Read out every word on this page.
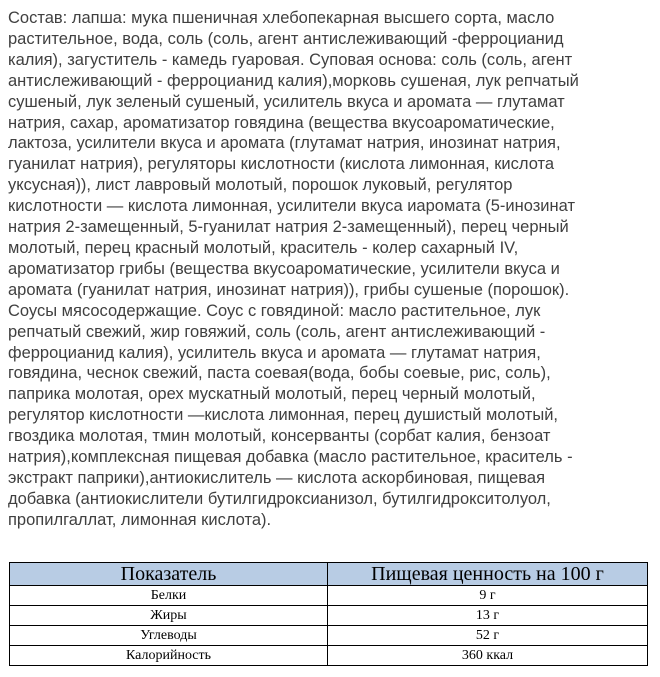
Состав: лапша: мука пшеничная хлебопекарная высшего сорта, масло
растительное, вода, соль (соль, агент антислеживающий -ферроцианид
калия), загуститель - камедь гуаровая. Суповая основа: соль (соль, агент
антислеживающий - ферроцианид калия),морковь сушеная, лук репчатый
сушеный, лук зеленый сушеный, усилитель вкуса и аромата — глутамат
натрия, сахар, ароматизатор говядина (вещества вкусоароматические,
лактоза, усилители вкуса и аромата (глутамат натрия, инозинат натрия,
гуанилат натрия), регуляторы кислотности (кислота лимонная, кислота
уксусная)), лист лавровый молотый, порошок луковый, регулятор
кислотности — кислота лимонная, усилители вкуса иаромата (5-инозинат
натрия 2-замещенный, 5-гуанилат натрия 2-замещенный), перец черный
молотый, перец красный молотый, краситель - колер сахарный IV,
ароматизатор грибы (вещества вкусоароматические, усилители вкуса и
аромата (гуанилат натрия, инозинат натрия)), грибы сушеные (порошок).
Соусы мясосодержащие. Соус с говядиной: масло растительное, лук
репчатый свежий, жир говяжий, соль (соль, агент антислеживающий -
ферроцианид калия), усилитель вкуса и аромата — глутамат натрия,
говядина, чеснок свежий, паста соевая(вода, бобы соевые, рис, соль),
паприка молотая, орех мускатный молотый, перец черный молотый,
регулятор кислотности —кислота лимонная, перец душистый молотый,
гвоздика молотая, тмин молотый, консерванты (сорбат калия, бензоат
натрия),комплексная пищевая добавка (масло растительное, краситель -
экстракт паприки),антиокислитель — кислота аскорбиновая, пищевая
добавка (антиокислители бутилгидроксианизол, бутилгидрокситолуол,
пропилгаллат, лимонная кислота).
Показатель	Пищевая ценность на 100 г
Белки	9 г
Жиры	13 г
Углеводы	52 г
Калорийность	360 ккал
